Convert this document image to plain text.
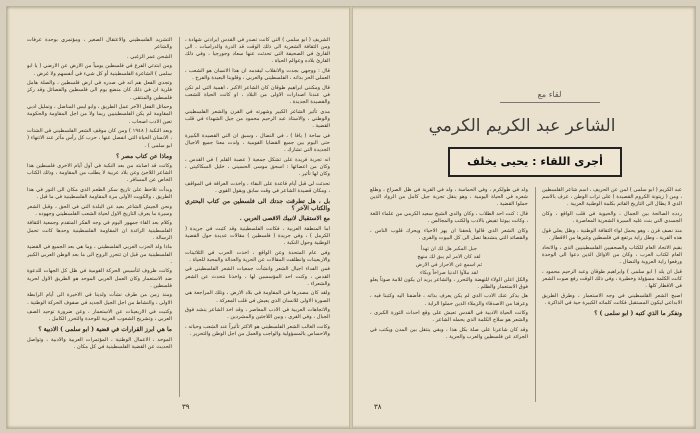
التشريد الفلسطيني والاعتقال الصغير ، ومؤتمري بوحدة عرفات والشاعر

الشحن عمر الزغبي .

ومن ابتدئي الفرع في فلسطين يومياً من الارض عن الارضي ( يا ابو سلمى ) الشاعرة الفلسطينية أو كل شيء في أنفسهم ولا غرض .

وتجدي الفعل هم انه في صدره في ارض فلسطين ، والصلة هامل فلرية ان في ذلك كان منضع يوم الى فلسطين والفصائل وقد ركز فلسطين والمنتقى .

وحمائل الفعل الآخر عمل الطريق ، وابو ليس المناضل ، وتمليل ادبي المقاومة لم يكن الفلسطينيين ربما ولا من اجل المقاومة والحكومة تعين الادب اصحاب .

وبعد النكبة ( ١٩٤٨ ) ومن كان موقف الشعر الفلسطيني في الشتات ، الانسان الحياة التي انفصل عنها ، حرب كل رأس مآثر عند الانتهاء ( ابو سلمى ) .

وماذا عن كتاب مصر ؟

وكانت قد اصابته من بعد النكبة في أول أيام الاخرى فلسطين هذا الشاعر اللاجئ وعن بلاد عربية لا يطلب من المقاومة ، وذلك الكتاب الخاص عن المسافر .

وبدأت تلاحظ على تاريخ سكر الطعم الذي مكان الى النور في هذا الطريق ، والكويت الأولى مرة المقاومة الفلسطينية في ما قبل .

ونحن الجيش الشاعر بعيد عن البلدة التي في الحق ، وقبل الشعر وسيرة ما يعرف التاريخ الاول لحياة الشعب الفلسطيني وجهوده .

وكلام بعد القاء جمهور اليوم في وجه الفكر المتقدم وجمعية الثقافة الفلسطينية الرائدة ان المقاومة الفلسطينية وحدها كانت تحمل الرسالة .

ماذا ولد الحزب العربي الفلسطيني ، وما هي بعد الجميع في القضية الفلسطينية من قبل ان تتحرر الروح الى ما بعد الوطن العربي الكبير .

وكانت ظروف لتأسيس الحركة القومية في ظل كل الجهات للدعوة ضد الاستعمار وكان العمل العربي الموحد هو الطريق الاول لحرية فلسطين .

ومنذ زمن من طرف نشأت ولدينا في الاخيرة الى أيام الرابطة الاولى ، والنشاط من اجل الجيل الجديد في صفوف الحركة الوطنية .

وكتبت في الاربعينات عن الاستعمار ، وعن ضرورة توحيد الصف العربي ، وتشريح الشعوب العربية للوحدة والتحرر الكامل .

ما هي ابرز القرارات في قضية ( ابو سلمى ) الادبية ؟

الموحد ، الاعمال الوطنية ، المؤتمرات العربية والادبية ، وتواصل الحديث عن القضية الفلسطينية في كل مكان .

الشريف ( ابو سلمى ) التي كانت تصدر في القدس ايرادتي شهادة ، ومن الثقافة الشعرية الى ذلك الوقت قد الدرة والدراسات . الى القارئ في الصحيفة التي تحدثت عنها سعاد وجورجيا ، وفي ذلك القارئ بلاده وعوالم الحياة .

قال : ووجهي بجدت والانقلاب ليقدمه ان هذا الانسان هو الشعب ، العملي الحر بذاته ، الفلسطيني والعربي ، وقلوبنا البعيدة والفرح .

قال ومكنني ابراهيم طوقان كان الشاعر الاكبر ، اهمية التي لم تكن في عندنا اصدارات الاولى من البلاد ، او كانت الحياة للشعب والقصيدة الجديدة .

مدى تأثير الشاعر الكبير وشهرته في القرن والشعر الفلسطيني والوطني ، والاستاذ عبد الرحيم محمود من جيل الشهداء في قلب القضية .

في ساحة ( يافا ) ، في النضال ، وسبق ان التي القصيدة الكبيرة حتى اليوم بين جميع القضايا القومية ، ولدت معنا جميع الاجيال الجديدة التي تشارك .

انه تجربة فريدة على تشكل جمعية ( عصبة القلم ) في القدس ، وكان من اعضائها : اسحق موسى الحسيني ، خليل السكاكيني ، وكان لها تأثير .

تحدثت لي قبل أيام قاعدة على البقاء ، واخذت العراقة في المواقف ، ومكان قصيدة الشاعر في وقت سابق ويقول القوي .

بل ، هل تطرقت جدتك الى فلسطين من كتاب البحتري والكتاب الآخر ؟

مع الاستقبال لانبيك الاقصى العربي .

اما المنطقة العربية ، فكانت الفلسطينية وقد كتبت في جريدة ( الكرمل ) ، وفي جريدة ( فلسطين ) مقالات عديدة حول القضية الوطنية وحول النكبة .

وفي عام المتحدة وعن الواقع ، اخذت الحرب في الثلاثينات والاربعينات وانطلقت المقالات عن الحرية والعدالة والمحبة للحياة .

فمن الفداء اجيال الشعر وانشأت جمعيات الشعر الفلسطيني في القدس ، وكنت احد المؤسسين لها ، واخذنا نتحدث عن الشعر والشعراء .

ولقد كان مصدرها في المقاومة في بلاد الارض ، وتلك المراجعة هي الصورة الاولى للانسان الذي يعيش في قلب المعركة .

والاتجاهات العربية في الادب المعاصر ، وقد اخذ الشاعر ينشد فوق الجبال ، وفي القرى ، وبين اللاجئين والمشردين .

وكانت الغالب الشعر الفلسطيني هو الاكثر تأثيراً عند الشعب وحياته ، والاحساس بالمسؤولية والواجب والعمل من اجل الوطن والتحرير .

٣٩
لقاء مع
الشاعر عبد الكريم الكرمي
أجرى اللقاء : يحيى يخلف

عبد الكريم ( ابو سلمى ) لمن عن الحريف ، اسم شاعر القلسطين ، ومن ( زيتونة الكروم القصيدة ) على تراب الوطن ، عرف بالاسم الذي لا يطال الى التاريخ القائم بكلمة الوطنية العربية .

ردده الصالحة بين الجمال ، والحيوية في قلب الواقع ، وكان الجسدي التي بنت عليه السيرة الشعرية المعاصرة .

منذ نصف قرن ، وهو يحمل لواء الثقافة الوطنية ، وظل يعلي قول هذه القرية ، وطل راية يرتفع في فلسطين وغيرها من الاقطار .

بقيم الاتحاد العام للكتاب والصحفيين الفلسطينيين الذي ، والاتحاد العام لكتاب العرب ، وكان من الاوائل الذين دعوا الى الوحدة ورفعوا راية العروبة والنضال .

قبل ان يلد ( ابو سلمى ) وابراهيم طوقان وعبد الرحيم محمود ، كانت الكلمة مسؤولة وخطيرة ، وفي ذلك الوقت رفع صوت الشعر في الاقطار كلها .

اصبح الشعر القلسطيني في وجه الاستعمار ، وطرق الطريق الابداعي ليكون المستقبل فكانت كلماته الكبيرة حية في الذاكرة .

ونفكر ما الذي كتبه ( ابو سلمى ) ؟

ولد في طولكرم ، وفي الحماسة ، ولد في القرية في ظل الصراع ، وطلع شعره في الحياة اليومية ، وهو ينقل تجربة جيل كامل من الرواد الذين حملوا القضية .

قال : كنت احد الطلاب ، وكان والدي الشيخ سعيد الكرمي من علماء اللغة ، وكانت بيوتنا تفيض بالادب والكتب والمجالس .

وكان الشعر الذي قالوا يلحقنا ان يهز الاحياء ويحرك قلوب الناس ، والقصائد التي ينشدها تصل الى كل البيوت والقرى .

جبل المكبر هل لك ان تهدأ
لقد كان الامر لم يبق لك منهج
ثم اسمع عن الاحرار في الارض
لقد ملأوا الدنيا صراخاً وبكاء

والكل اعلن الولاء للنهضة والتحرر ، والشاعر يريد ان يكون للامة صوتاً يعلو فوق الاستعمار والظلم .

هل يذكر عنك الادب الذي لم يكن يعرف بذاته ، فأضفنا اليه وكتبنا فيه ، وعرفنا من الاصدقاء والزملاء الذين حملوا الراية .

وكانت الحياة الادبية في القدس تعيش على وقع احداث الثورة الكبرى ، والشعر هو سلاح الكلمة الذي يحمله الشاعر .

وقد كان شاعرنا على صلة بكل هذا ، وبقي ينتقل بين المدن ويكتب في الجرائد عن فلسطين والعرب والحرية .

٣٨
